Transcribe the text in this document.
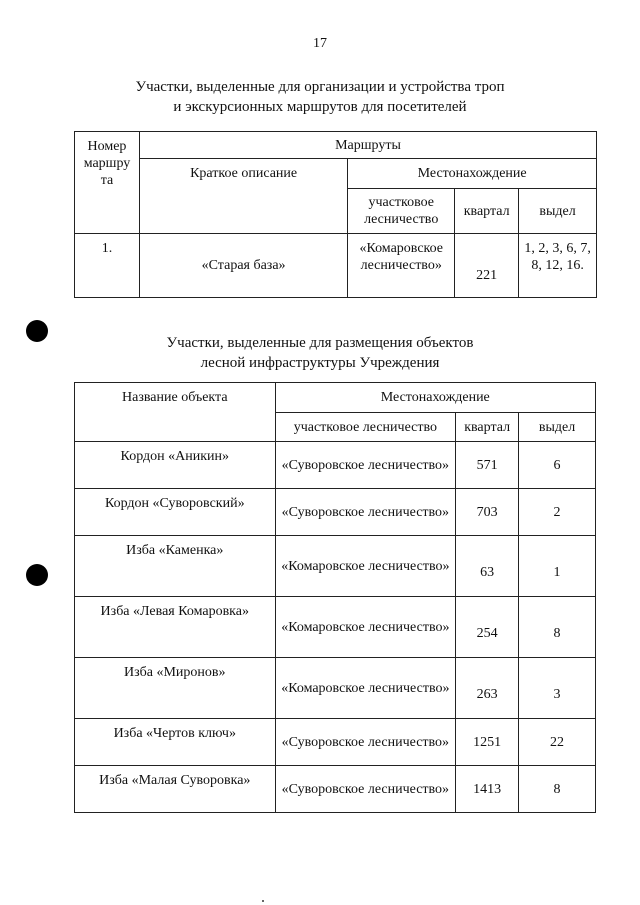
17
Участки, выделенные для организации и устройства троп
и экскурсионных маршрутов для посетителей
Номер маршру та	Маршруты			
	Краткое описание	Местонахождение		
		участковое лесничество	квартал	выдел
1.	«Старая база»	«Комаровское лесничество»	221	1, 2, 3, 6, 7, 8, 12, 16.
Участки, выделенные для размещения объектов
лесной инфраструктуры Учреждения
Название объекта	Местонахождение		
	участковое лесничество	квартал	выдел
Кордон «Аникин»	«Суворовское лесничество»	571	6
Кордон «Суворовский»	«Суворовское лесничество»	703	2
Изба «Каменка»	«Комаровское лесничество»	63	1
Изба «Левая Комаровка»	«Комаровское лесничество»	254	8
Изба «Миронов»	«Комаровское лесничество»	263	3
Изба «Чертов ключ»	«Суворовское лесничество»	1251	22
Изба «Малая Суворовка»	«Суворовское лесничество»	1413	8
